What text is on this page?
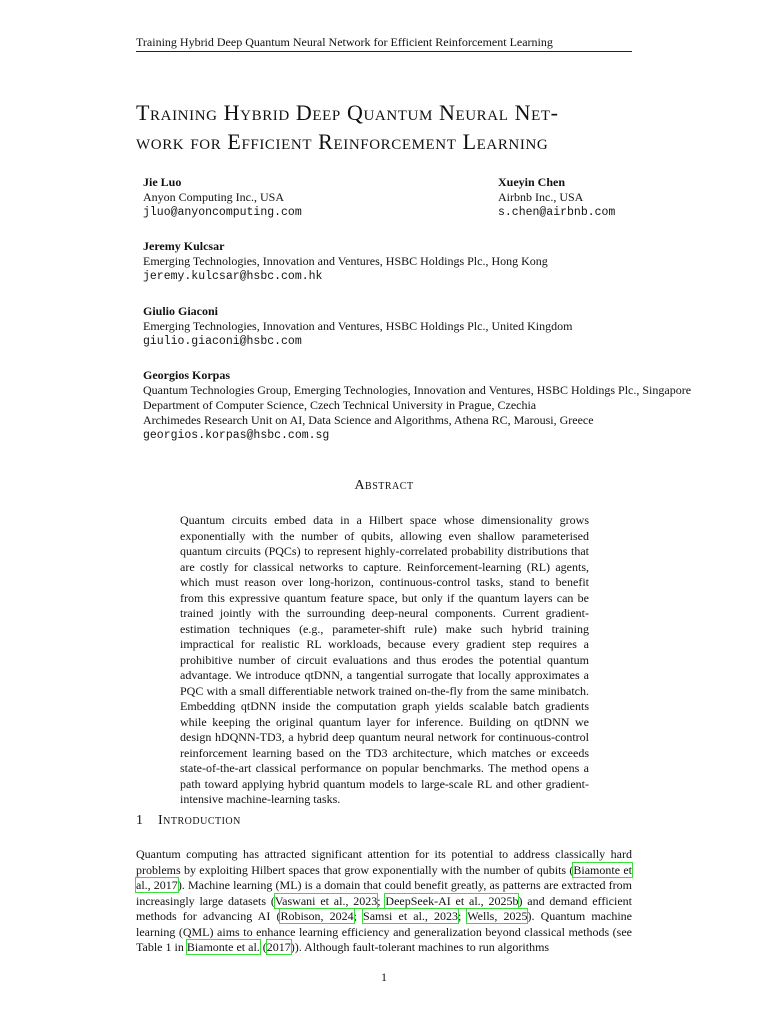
Training Hybrid Deep Quantum Neural Network for Efficient Reinforcement Learning
Training Hybrid Deep Quantum Neural Net-
work for Efficient Reinforcement Learning
Jie Luo
Anyon Computing Inc., USA
jluo@anyoncomputing.com
Xueyin Chen
Airbnb Inc., USA
s.chen@airbnb.com
Jeremy Kulcsar
Emerging Technologies, Innovation and Ventures, HSBC Holdings Plc., Hong Kong
jeremy.kulcsar@hsbc.com.hk
Giulio Giaconi
Emerging Technologies, Innovation and Ventures, HSBC Holdings Plc., United Kingdom
giulio.giaconi@hsbc.com
Georgios Korpas
Quantum Technologies Group, Emerging Technologies, Innovation and Ventures, HSBC Holdings Plc., Singapore
Department of Computer Science, Czech Technical University in Prague, Czechia
Archimedes Research Unit on AI, Data Science and Algorithms, Athena RC, Marousi, Greece
georgios.korpas@hsbc.com.sg
Abstract

Quantum circuits embed data in a Hilbert space whose dimensionality grows exponentially with the number of qubits, allowing even shallow parameterised quantum circuits (PQCs) to represent highly-correlated probability distributions that are costly for classical networks to capture. Reinforcement-learning (RL) agents, which must reason over long-horizon, continuous-control tasks, stand to benefit from this expressive quantum feature space, but only if the quantum layers can be trained jointly with the surrounding deep-neural components. Current gradient-estimation techniques (e.g., parameter-shift rule) make such hybrid training impractical for realistic RL workloads, because every gradient step requires a prohibitive number of circuit evaluations and thus erodes the potential quantum advantage. We introduce qtDNN, a tangential surrogate that locally approximates a PQC with a small differentiable network trained on-the-fly from the same minibatch. Embedding qtDNN inside the computation graph yields scalable batch gradients while keeping the original quantum layer for inference. Building on qtDNN we design hDQNN-TD3, a hybrid deep quantum neural network for continuous-control reinforcement learning based on the TD3 architecture, which matches or exceeds state-of-the-art classical performance on popular benchmarks. The method opens a path toward applying hybrid quantum models to large-scale RL and other gradient-intensive machine-learning tasks.

1 Introduction

Quantum computing has attracted significant attention for its potential to address classically hard problems by exploiting Hilbert spaces that grow exponentially with the number of qubits (Biamonte et al., 2017). Machine learning (ML) is a domain that could benefit greatly, as patterns are extracted from increasingly large datasets (Vaswani et al., 2023; DeepSeek-AI et al., 2025b) and demand efficient methods for advancing AI (Robison, 2024; Samsi et al., 2023; Wells, 2025). Quantum machine learning (QML) aims to enhance learning efficiency and generalization beyond classical methods (see Table 1 in Biamonte et al. (2017)). Although fault-tolerant machines to run algorithms

1
